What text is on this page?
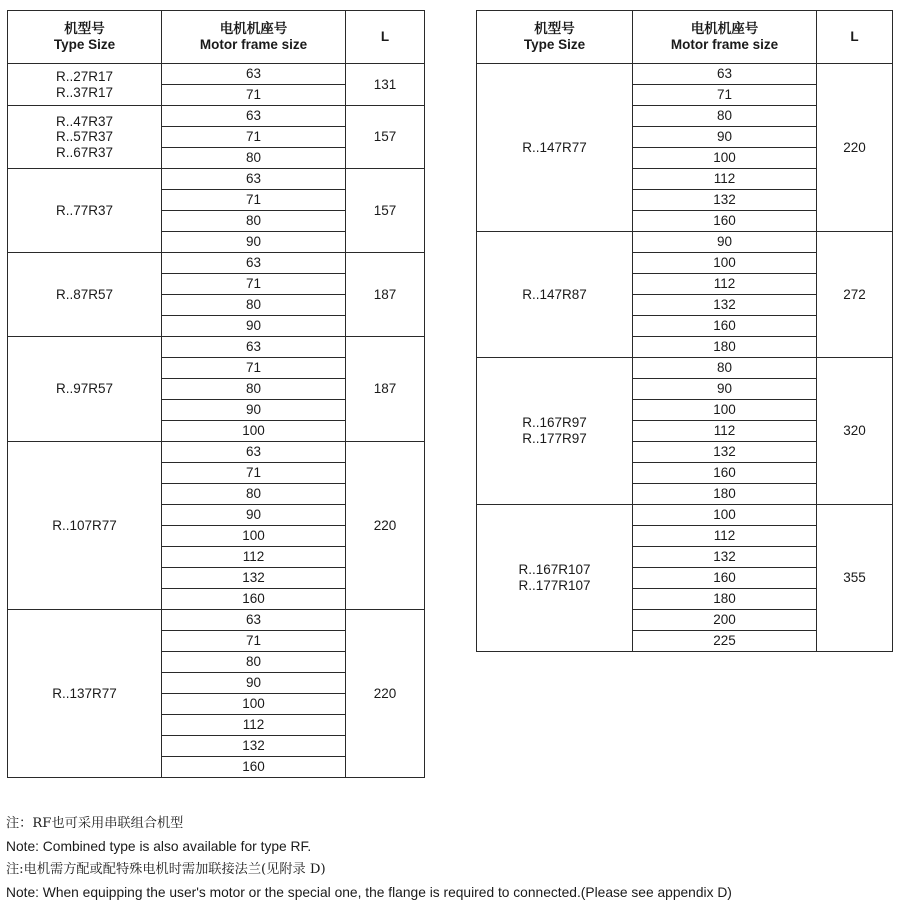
机型号
Type Size	电机机座号
Motor frame size	L

R..27R17
R..37R17	63	131
	71	

R..47R37
R..57R37
R..67R37	63	157
	71	
	80	

R..77R37	63	157
	71	
	80	
	90	

R..87R57	63	187
	71	
	80	
	90	

R..97R57	63	187
	71	
	80	
	90	
	100	

R..107R77	63	220
	71	
	80	
	90	
	100	
	112	
	132	
	160	

R..137R77	63	220
	71	
	80	
	90	
	100	
	112	
	132	
	160	
机型号
Type Size	电机机座号
Motor frame size	L

R..147R77	63	220
	71	
	80	
	90	
	100	
	112	
	132	
	160	

R..147R87	90	272
	100	
	112	
	132	
	160	
	180	

R..167R97
R..177R97	80	320
	90	
	100	
	112	
	132	
	160	
	180	

R..167R107
R..177R107	100	355
	112	
	132	
	160	
	180	
	200	
	225	
注：RF也可采用串联组合机型
Note: Combined type is also available for type RF.
注:电机需方配或配特殊电机时需加联接法兰(见附录 D)
Note: When equipping the user's motor or the special one, the flange is required to connected.(Please see appendix D)
